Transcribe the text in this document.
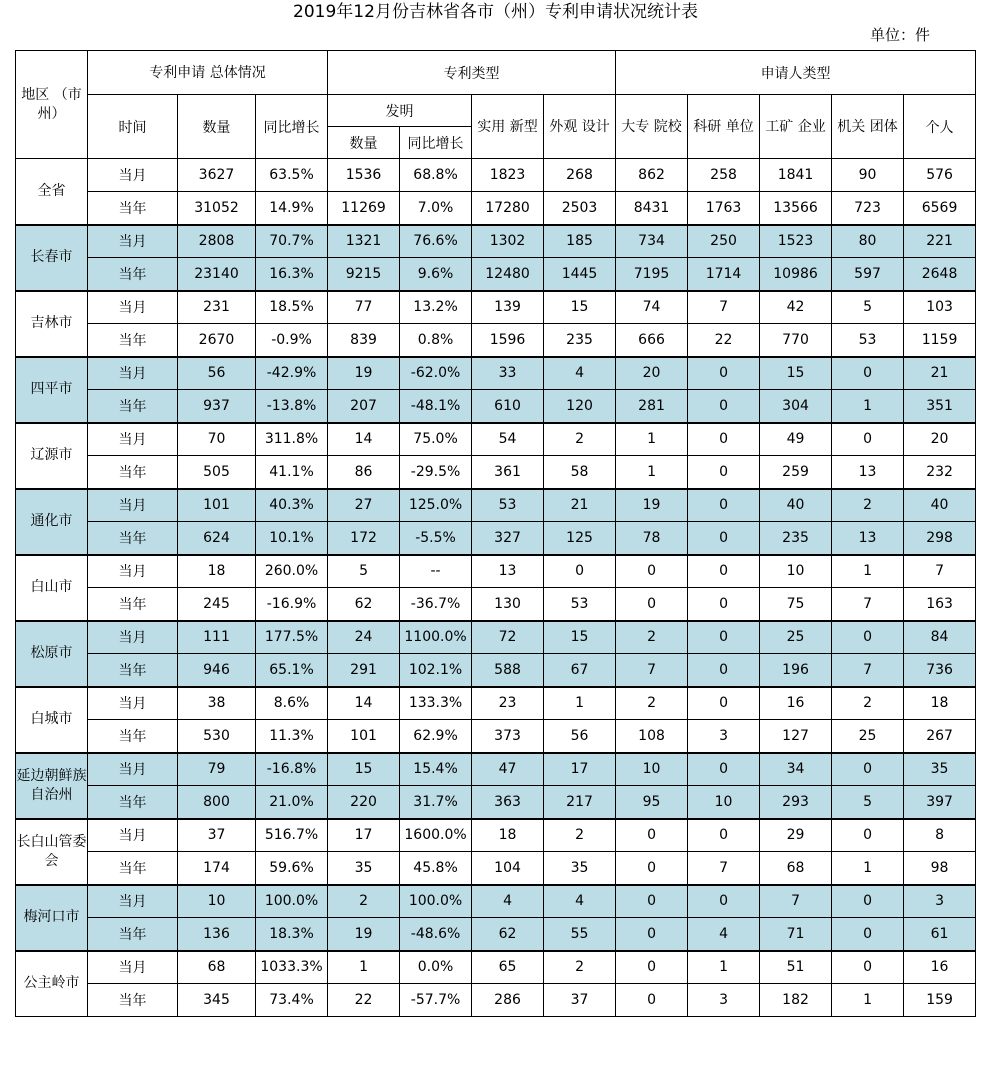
2019年12月份吉林省各市（州）专利申请状况统计表
单位：件
地区 （市州）	专利申请 总体情况			专利类型				申请人类型				
	时间	数量	同比增长	发明		实用 新型	外观 设计	大专 院校	科研 单位	工矿 企业	机关 团体	个人
				数量	同比增长							
全省	当月	3627	63.5%	1536	68.8%	1823	268	862	258	1841	90	576
	当年	31052	14.9%	11269	7.0%	17280	2503	8431	1763	13566	723	6569
长春市	当月	2808	70.7%	1321	76.6%	1302	185	734	250	1523	80	221
	当年	23140	16.3%	9215	9.6%	12480	1445	7195	1714	10986	597	2648
吉林市	当月	231	18.5%	77	13.2%	139	15	74	7	42	5	103
	当年	2670	-0.9%	839	0.8%	1596	235	666	22	770	53	1159
四平市	当月	56	-42.9%	19	-62.0%	33	4	20	0	15	0	21
	当年	937	-13.8%	207	-48.1%	610	120	281	0	304	1	351
辽源市	当月	70	311.8%	14	75.0%	54	2	1	0	49	0	20
	当年	505	41.1%	86	-29.5%	361	58	1	0	259	13	232
通化市	当月	101	40.3%	27	125.0%	53	21	19	0	40	2	40
	当年	624	10.1%	172	-5.5%	327	125	78	0	235	13	298
白山市	当月	18	260.0%	5	--	13	0	0	0	10	1	7
	当年	245	-16.9%	62	-36.7%	130	53	0	0	75	7	163
松原市	当月	111	177.5%	24	1100.0%	72	15	2	0	25	0	84
	当年	946	65.1%	291	102.1%	588	67	7	0	196	7	736
白城市	当月	38	8.6%	14	133.3%	23	1	2	0	16	2	18
	当年	530	11.3%	101	62.9%	373	56	108	3	127	25	267
延边朝鲜族自治州	当月	79	-16.8%	15	15.4%	47	17	10	0	34	0	35
	当年	800	21.0%	220	31.7%	363	217	95	10	293	5	397
长白山管委会	当月	37	516.7%	17	1600.0%	18	2	0	0	29	0	8
	当年	174	59.6%	35	45.8%	104	35	0	7	68	1	98
梅河口市	当月	10	100.0%	2	100.0%	4	4	0	0	7	0	3
	当年	136	18.3%	19	-48.6%	62	55	0	4	71	0	61
公主岭市	当月	68	1033.3%	1	0.0%	65	2	0	1	51	0	16
	当年	345	73.4%	22	-57.7%	286	37	0	3	182	1	159
